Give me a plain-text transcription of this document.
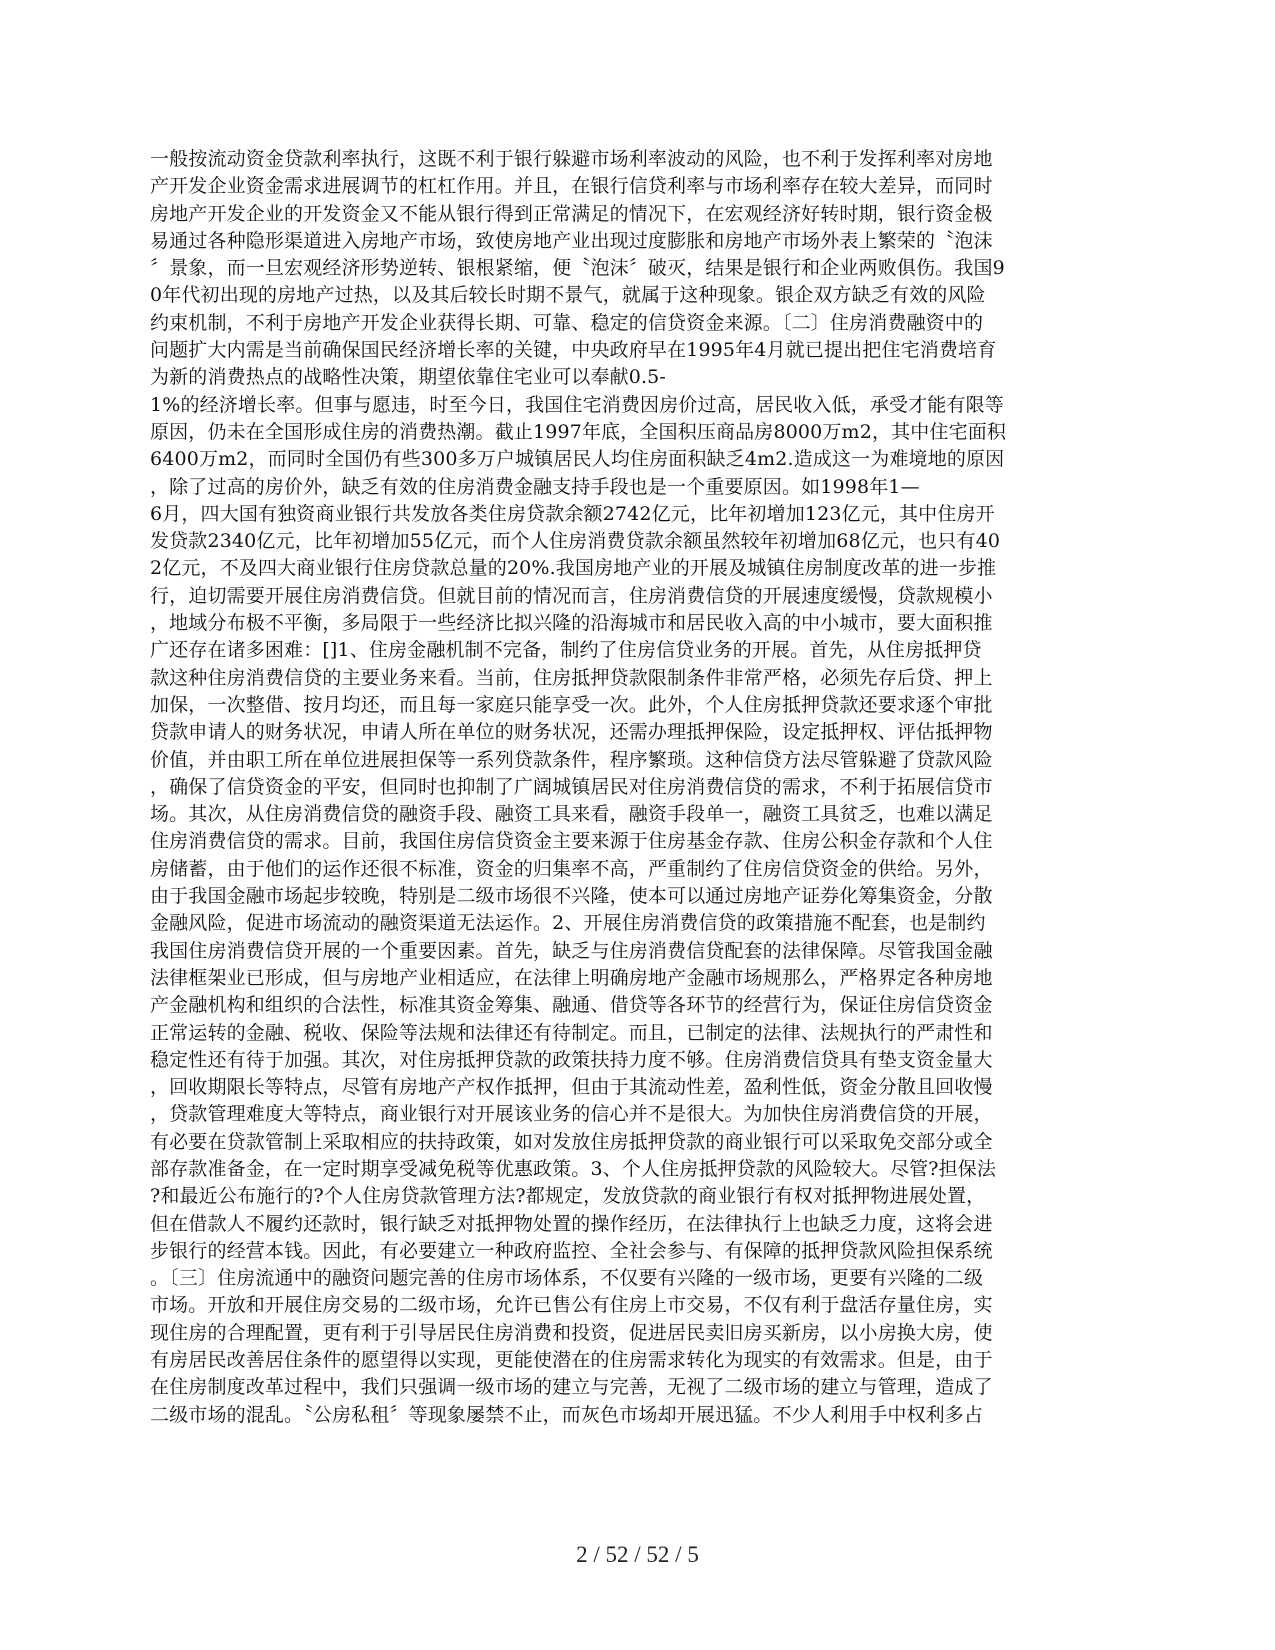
一般按流动资金贷款利率执行，这既不利于银行躲避市场利率波动的风险，也不利于发挥利率对房地
产开发企业资金需求进展调节的杠杠作用。并且，在银行信贷利率与市场利率存在较大差异，而同时
房地产开发企业的开发资金又不能从银行得到正常满足的情况下，在宏观经济好转时期，银行资金极
易通过各种隐形渠道进入房地产市场，致使房地产业出现过度膨胀和房地产市场外表上繁荣的〝泡沫
〞景象，而一旦宏观经济形势逆转、银根紧缩，便〝泡沫〞破灭，结果是银行和企业两败俱伤。我国9
0年代初出现的房地产过热，以及其后较长时期不景气，就属于这种现象。银企双方缺乏有效的风险
约束机制，不利于房地产开发企业获得长期、可靠、稳定的信贷资金来源。〔二〕住房消费融资中的
问题扩大内需是当前确保国民经济增长率的关键，中央政府早在1995年4月就已提出把住宅消费培育
为新的消费热点的战略性决策，期望依靠住宅业可以奉献0.5-
1%的经济增长率。但事与愿违，时至今日，我国住宅消费因房价过高，居民收入低，承受才能有限等
原因，仍未在全国形成住房的消费热潮。截止1997年底，全国积压商品房8000万m2，其中住宅面积
6400万m2，而同时全国仍有些300多万户城镇居民人均住房面积缺乏4m2.造成这一为难境地的原因
，除了过高的房价外，缺乏有效的住房消费金融支持手段也是一个重要原因。如1998年1—
6月，四大国有独资商业银行共发放各类住房贷款余额2742亿元，比年初增加123亿元，其中住房开
发贷款2340亿元，比年初增加55亿元，而个人住房消费贷款余额虽然较年初增加68亿元，也只有40
2亿元，不及四大商业银行住房贷款总量的20%.我国房地产业的开展及城镇住房制度改革的进一步推
行，迫切需要开展住房消费信贷。但就目前的情况而言，住房消费信贷的开展速度缓慢，贷款规模小
，地域分布极不平衡，多局限于一些经济比拟兴隆的沿海城市和居民收入高的中小城市，要大面积推
广还存在诸多困难：[]1、住房金融机制不完备，制约了住房信贷业务的开展。首先，从住房抵押贷
款这种住房消费信贷的主要业务来看。当前，住房抵押贷款限制条件非常严格，必须先存后贷、押上
加保，一次整借、按月均还，而且每一家庭只能享受一次。此外，个人住房抵押贷款还要求逐个审批
贷款申请人的财务状况，申请人所在单位的财务状况，还需办理抵押保险，设定抵押权、评估抵押物
价值，并由职工所在单位进展担保等一系列贷款条件，程序繁琐。这种信贷方法尽管躲避了贷款风险
，确保了信贷资金的平安，但同时也抑制了广阔城镇居民对住房消费信贷的需求，不利于拓展信贷市
场。其次，从住房消费信贷的融资手段、融资工具来看，融资手段单一，融资工具贫乏，也难以满足
住房消费信贷的需求。目前，我国住房信贷资金主要来源于住房基金存款、住房公积金存款和个人住
房储蓄，由于他们的运作还很不标准，资金的归集率不高，严重制约了住房信贷资金的供给。另外，
由于我国金融市场起步较晚，特别是二级市场很不兴隆，使本可以通过房地产证券化筹集资金，分散
金融风险，促进市场流动的融资渠道无法运作。2、开展住房消费信贷的政策措施不配套，也是制约
我国住房消费信贷开展的一个重要因素。首先，缺乏与住房消费信贷配套的法律保障。尽管我国金融
法律框架业已形成，但与房地产业相适应，在法律上明确房地产金融市场规那么，严格界定各种房地
产金融机构和组织的合法性，标准其资金筹集、融通、借贷等各环节的经营行为，保证住房信贷资金
正常运转的金融、税收、保险等法规和法律还有待制定。而且，已制定的法律、法规执行的严肃性和
稳定性还有待于加强。其次，对住房抵押贷款的政策扶持力度不够。住房消费信贷具有垫支资金量大
，回收期限长等特点，尽管有房地产产权作抵押，但由于其流动性差，盈利性低，资金分散且回收慢
，贷款管理难度大等特点，商业银行对开展该业务的信心并不是很大。为加快住房消费信贷的开展，
有必要在贷款管制上采取相应的扶持政策，如对发放住房抵押贷款的商业银行可以采取免交部分或全
部存款准备金，在一定时期享受减免税等优惠政策。3、个人住房抵押贷款的风险较大。尽管?担保法
?和最近公布施行的?个人住房贷款管理方法?都规定，发放贷款的商业银行有权对抵押物进展处置，
但在借款人不履约还款时，银行缺乏对抵押物处置的操作经历，在法律执行上也缺乏力度，这将会进
步银行的经营本钱。因此，有必要建立一种政府监控、全社会参与、有保障的抵押贷款风险担保系统
。〔三〕住房流通中的融资问题完善的住房市场体系，不仅要有兴隆的一级市场，更要有兴隆的二级
市场。开放和开展住房交易的二级市场，允许已售公有住房上市交易，不仅有利于盘活存量住房，实
现住房的合理配置，更有利于引导居民住房消费和投资，促进居民卖旧房买新房，以小房换大房，使
有房居民改善居住条件的愿望得以实现，更能使潜在的住房需求转化为现实的有效需求。但是，由于
在住房制度改革过程中，我们只强调一级市场的建立与完善，无视了二级市场的建立与管理，造成了
二级市场的混乱。〝公房私租〞等现象屡禁不止，而灰色市场却开展迅猛。不少人利用手中权利多占
2 / 52 / 52 / 5
